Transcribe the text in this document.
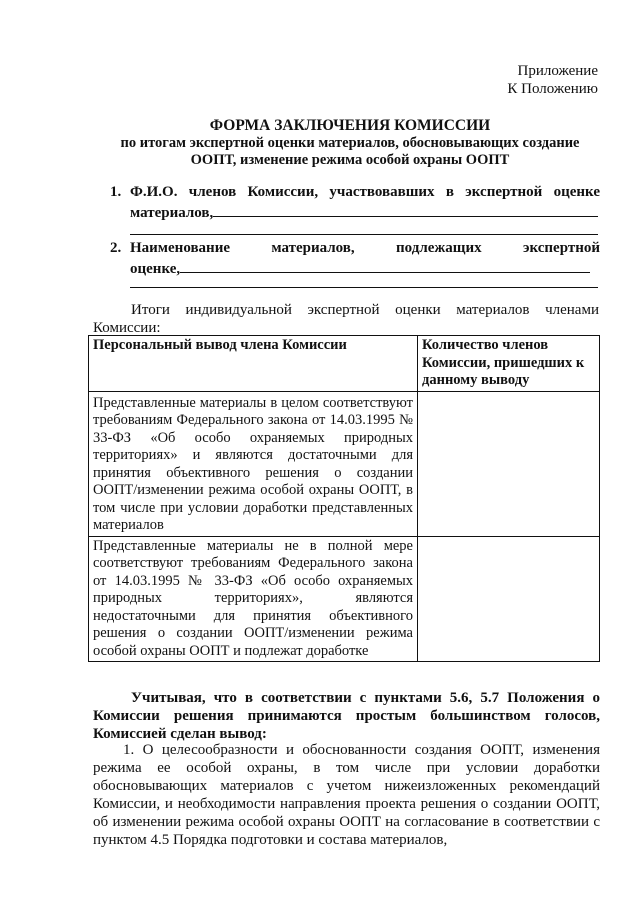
Приложение
К Положению
ФОРМА ЗАКЛЮЧЕНИЯ КОМИССИИ
по итогам экспертной оценки материалов, обосновывающих создание
ООПТ, изменение режима особой охраны ООПТ
1. Ф.И.О. членов Комиссии, участвовавших в экспертной оценке
материалов,
2. Наименование материалов, подлежащих экспертной
оценке,
Итоги индивидуальной экспертной оценки материалов членами Комиссии:
Персональный вывод члена Комиссии	Количество членов Комиссии, пришедших к данному выводу
Представленные материалы в целом соответствуют требованиям Федерального закона от 14.03.1995 № 33-ФЗ «Об особо охраняемых природных территориях» и являются достаточными для принятия объективного решения о создании ООПТ/изменении режима особой охраны ООПТ, в том числе при условии доработки представленных материалов	
Представленные материалы не в полной мере соответствуют требованиям Федерального закона от 14.03.1995 № 33-ФЗ «Об особо охраняемых природных территориях», являются недостаточными для принятия объективного решения о создании ООПТ/изменении режима особой охраны ООПТ и подлежат доработке	
Учитывая, что в соответствии с пунктами 5.6, 5.7 Положения о Комиссии решения принимаются простым большинством голосов, Комиссией сделан вывод:
1. О целесообразности и обоснованности создания ООПТ, изменения режима ее особой охраны, в том числе при условии доработки обосновывающих материалов с учетом нижеизложенных рекомендаций Комиссии, и необходимости направления проекта решения о создании ООПТ, об изменении режима особой охраны ООПТ на согласование в соответствии с пунктом 4.5 Порядка подготовки и состава материалов,
